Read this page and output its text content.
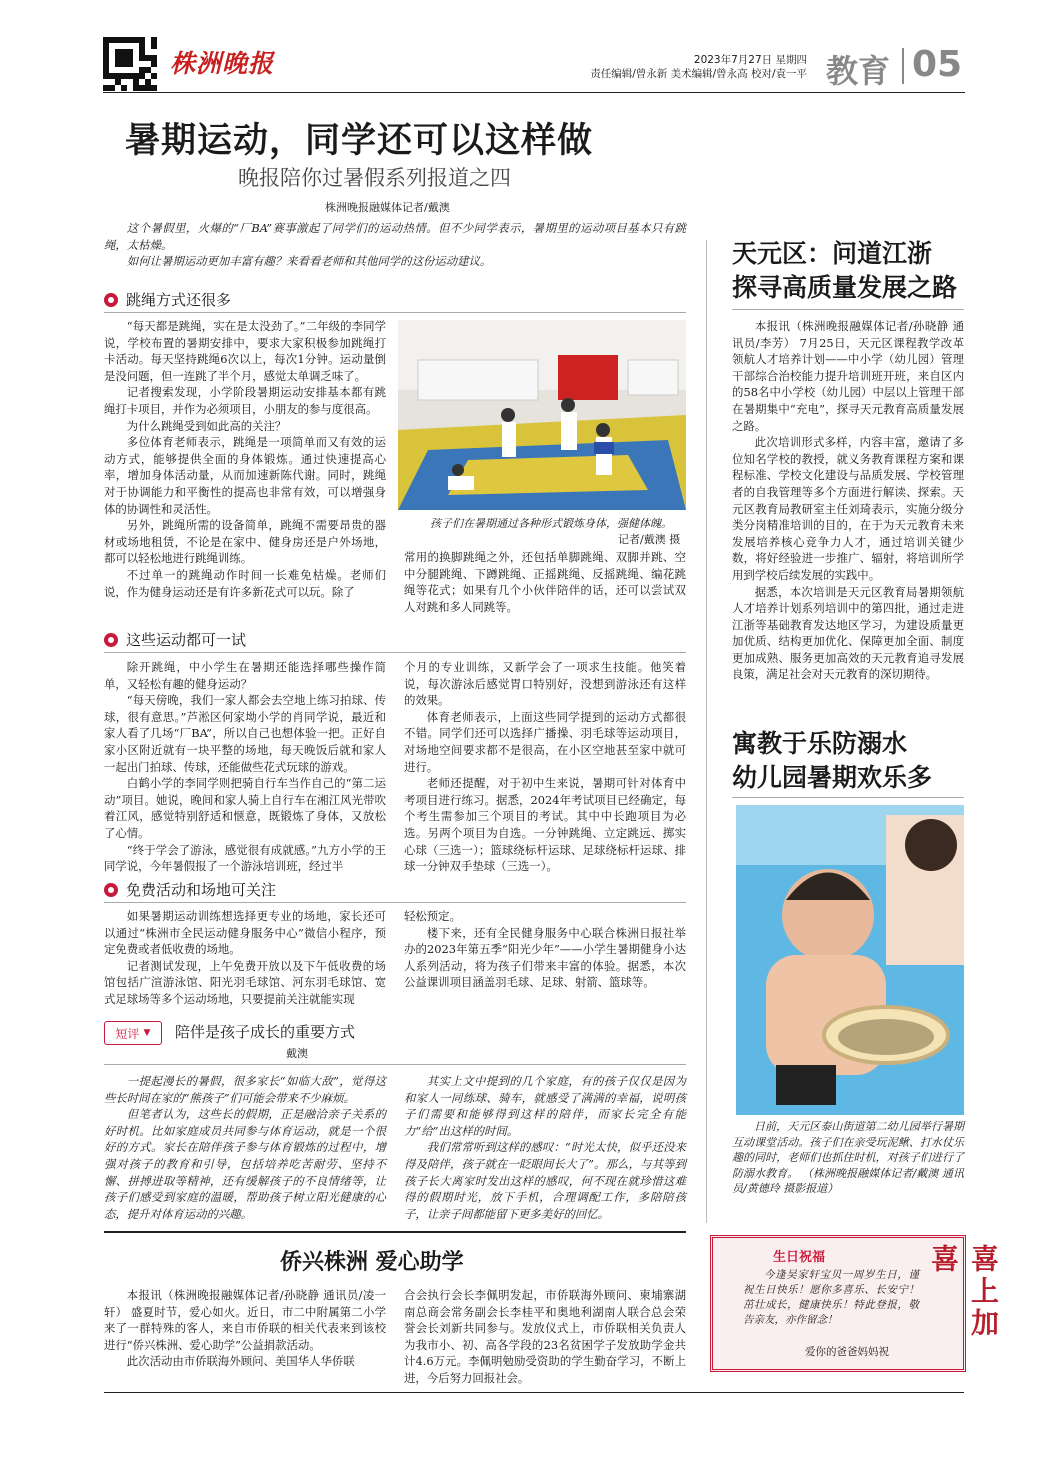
株洲晚报	2023年7月27日 星期四
责任编辑/曾永新 美术编辑/曾永高 校对/袁一平 教育 05
暑期运动，同学还可以这样做
晚报陪你过暑假系列报道之四
株洲晚报融媒体记者/戴澳

这个暑假里，火爆的“厂BA”赛事激起了同学们的运动热情。但不少同学表示，暑期里的运动项目基本只有跳绳，太枯燥。

如何让暑期运动更加丰富有趣？来看看老师和其他同学的这份运动建议。

跳绳方式还很多

“每天都是跳绳，实在是太没劲了。”二年级的李同学说，学校布置的暑期安排中，要求大家积极参加跳绳打卡活动。每天坚持跳绳6次以上，每次1分钟。运动量倒是没问题，但一连跳了半个月，感觉太单调乏味了。

记者搜索发现，小学阶段暑期运动安排基本都有跳绳打卡项目，并作为必须项目，小朋友的参与度很高。

为什么跳绳受到如此高的关注？

多位体育老师表示，跳绳是一项简单而又有效的运动方式，能够提供全面的身体锻炼。通过快速提高心率，增加身体活动量，从而加速新陈代谢。同时，跳绳对于协调能力和平衡性的提高也非常有效，可以增强身体的协调性和灵活性。

另外，跳绳所需的设备简单，跳绳不需要昂贵的器材或场地租赁，不论是在家中、健身房还是户外场地，都可以轻松地进行跳绳训练。

不过单一的跳绳动作时间一长难免枯燥。老师们说，作为健身运动还是有许多新花式可以玩。除了

孩子们在暑期通过各种形式锻炼身体，强健体魄。
记者/戴澳 摄

常用的换脚跳绳之外，还包括单脚跳绳、双脚并跳、空中分腿跳绳、下蹲跳绳、正摇跳绳、反摇跳绳、编花跳绳等花式；如果有几个小伙伴陪伴的话，还可以尝试双人对跳和多人同跳等。

这些运动都可一试

除开跳绳，中小学生在暑期还能选择哪些操作简单，又轻松有趣的健身运动？

“每天傍晚，我们一家人都会去空地上练习拍球、传球，很有意思。”芦淞区何家坳小学的肖同学说，最近和家人看了几场“厂BA”，所以自己也想体验一把。正好自家小区附近就有一块平整的场地，每天晚饭后就和家人一起出门拍球、传球，还能做些花式玩球的游戏。

白鹤小学的李同学则把骑自行车当作自己的“第二运动”项目。她说，晚间和家人骑上自行车在湘江风光带吹着江风，感觉特别舒适和惬意，既锻炼了身体，又放松了心情。

“终于学会了游泳，感觉很有成就感。”九方小学的王同学说，今年暑假报了一个游泳培训班，经过半

个月的专业训练，又新学会了一项求生技能。他笑着说，每次游泳后感觉胃口特别好，没想到游泳还有这样的效果。

体育老师表示，上面这些同学提到的运动方式都很不错。同学们还可以选择广播操、羽毛球等运动项目，对场地空间要求都不是很高，在小区空地甚至家中就可进行。

老师还提醒，对于初中生来说，暑期可针对体育中考项目进行练习。据悉，2024年考试项目已经确定，每个考生需参加三个项目的考试。其中中长跑项目为必选。另两个项目为自选。一分钟跳绳、立定跳远、掷实心球（三选一）；篮球绕标杆运球、足球绕标杆运球、排球一分钟双手垫球（三选一）。

免费活动和场地可关注

如果暑期运动训练想选择更专业的场地，家长还可以通过“株洲市全民运动健身服务中心”微信小程序，预定免费或者低收费的场地。

记者测试发现，上午免费开放以及下午低收费的场馆包括广渲游泳馆、阳光羽毛球馆、河东羽毛球馆、宽式足球场等多个运动场地，只要提前关注就能实现

轻松预定。

楼下来，还有全民健身服务中心联合株洲日报社举办的2023年第五季“阳光少年”——小学生暑期健身小达人系列活动，将为孩子们带来丰富的体验。据悉，本次公益课训项目涵盖羽毛球、足球、射箭、篮球等。

短评 ▼ 陪伴是孩子成长的重要方式
戴澳

一提起漫长的暑假，很多家长“如临大敌”，觉得这些长时间在家的“熊孩子”们可能会带来不少麻烦。

但笔者认为，这些长的假期，正是融洽亲子关系的好时机。比如家庭成员共同参与体育运动，就是一个很好的方式。家长在陪伴孩子参与体育锻炼的过程中，增强对孩子的教育和引导，包括培养吃苦耐劳、坚持不懈、拼搏进取等精神，还有缓解孩子的不良情绪等，让孩子们感受到家庭的温暖，帮助孩子树立阳光健康的心态，提升对体育运动的兴趣。

其实上文中提到的几个家庭，有的孩子仅仅是因为和家人一同练球、骑车，就感受了满满的幸福，说明孩子们需要和能够得到这样的陪伴，而家长完全有能力“给”出这样的时间。

我们常常听到这样的感叹：“时光太快，似乎还没来得及陪伴，孩子就在一眨眼间长大了”。那么，与其等到孩子长大离家时发出这样的感叹，何不现在就珍惜这难得的假期时光，放下手机，合理调配工作，多陪陪孩子，让亲子间都能留下更多美好的回忆。

天元区：问道江浙
探寻高质量发展之路

本报讯（株洲晚报融媒体记者/孙晓静 通讯员/李芳） 7月25日，天元区课程教学改革领航人才培养计划——中小学（幼儿园）管理干部综合治校能力提升培训班开班，来自区内的58名中小学校（幼儿园）中层以上管理干部在暑期集中“充电”，探寻天元教育高质量发展之路。

此次培训形式多样，内容丰富，邀请了多位知名学校的教授，就义务教育课程方案和课程标准、学校文化建设与品质发展、学校管理者的自我管理等多个方面进行解读、探索。天元区教育局教研室主任刘琦表示，实施分级分类分岗精准培训的目的，在于为天元教育未来发展培养核心竞争力人才，通过培训关键少数，将好经验进一步推广、辐射，将培训所学用到学校后续发展的实践中。

据悉，本次培训是天元区教育局暑期领航人才培养计划系列培训中的第四批，通过走进江浙等基础教育发达地区学习，为建设质量更加优质、结构更加优化、保障更加全面、制度更加成熟、服务更加高效的天元教育追寻发展良策，满足社会对天元教育的深切期待。

寓教于乐防溺水
幼儿园暑期欢乐多

日前，天元区泰山街道第二幼儿园举行暑期互动课堂活动。孩子们在亲受玩泥鳅、打水仗乐趣的同时，老师们也抓住时机，对孩子们进行了防溺水教育。 （株洲晚报融媒体记者/戴澳 通讯员/黄德玲 摄影报道）

生日祝福

今逢吴家轩宝贝一周岁生日，谨祝生日快乐！愿你多喜乐、长安宁！茁壮成长，健康快乐！特此登报，敬告亲友，亦作留念！

爱你的爸爸妈妈祝
喜上加喜
侨兴株洲 爱心助学

本报讯（株洲晚报融媒体记者/孙晓静 通讯员/凌一轩） 盛夏时节，爱心如火。近日，市二中附属第二小学来了一群特殊的客人，来自市侨联的相关代表来到该校进行“侨兴株洲、爱心助学”公益捐款活动。

此次活动由市侨联海外顾问、美国华人华侨联

合会执行会长李佩明发起，市侨联海外顾问、柬埔寨湖南总商会常务副会长李桂平和奥地利湖南人联合总会荣誉会长刘新共同参与。发放仪式上，市侨联相关负责人为我市小、初、高各学段的23名贫困学子发放助学金共计4.6万元。李佩明勉励受资助的学生勤奋学习，不断上进，今后努力回报社会。
